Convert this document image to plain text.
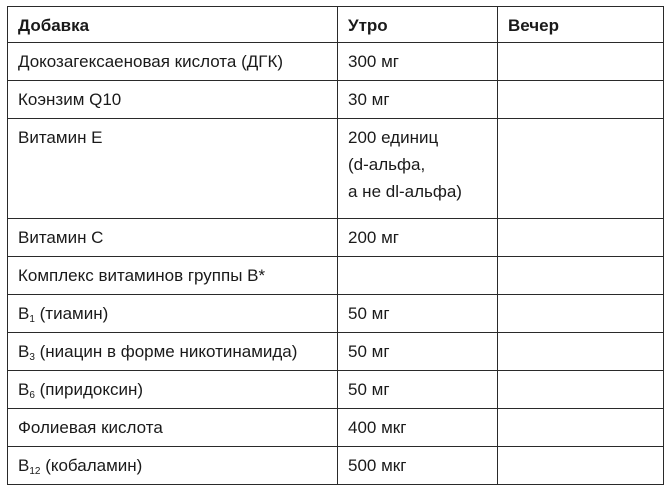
Добавка	Утро	Вечер
Докозагексаеновая кислота (ДГК)	300 мг	
Коэнзим Q10	30 мг	
Витамин E	200 единиц
(d-альфа,
а не dl-альфа)	

Витамин C	200 мг	
Комплекс витаминов группы B*		
$B_1$ (тиамин)	50 мг	
$B_3$ (ниацин в форме никотинамида)	50 мг	
$B_6$ (пиридоксин)	50 мг	
Фолиевая кислота	400 мкг	
$B_{12}$ (кобаламин)	500 мкг	
